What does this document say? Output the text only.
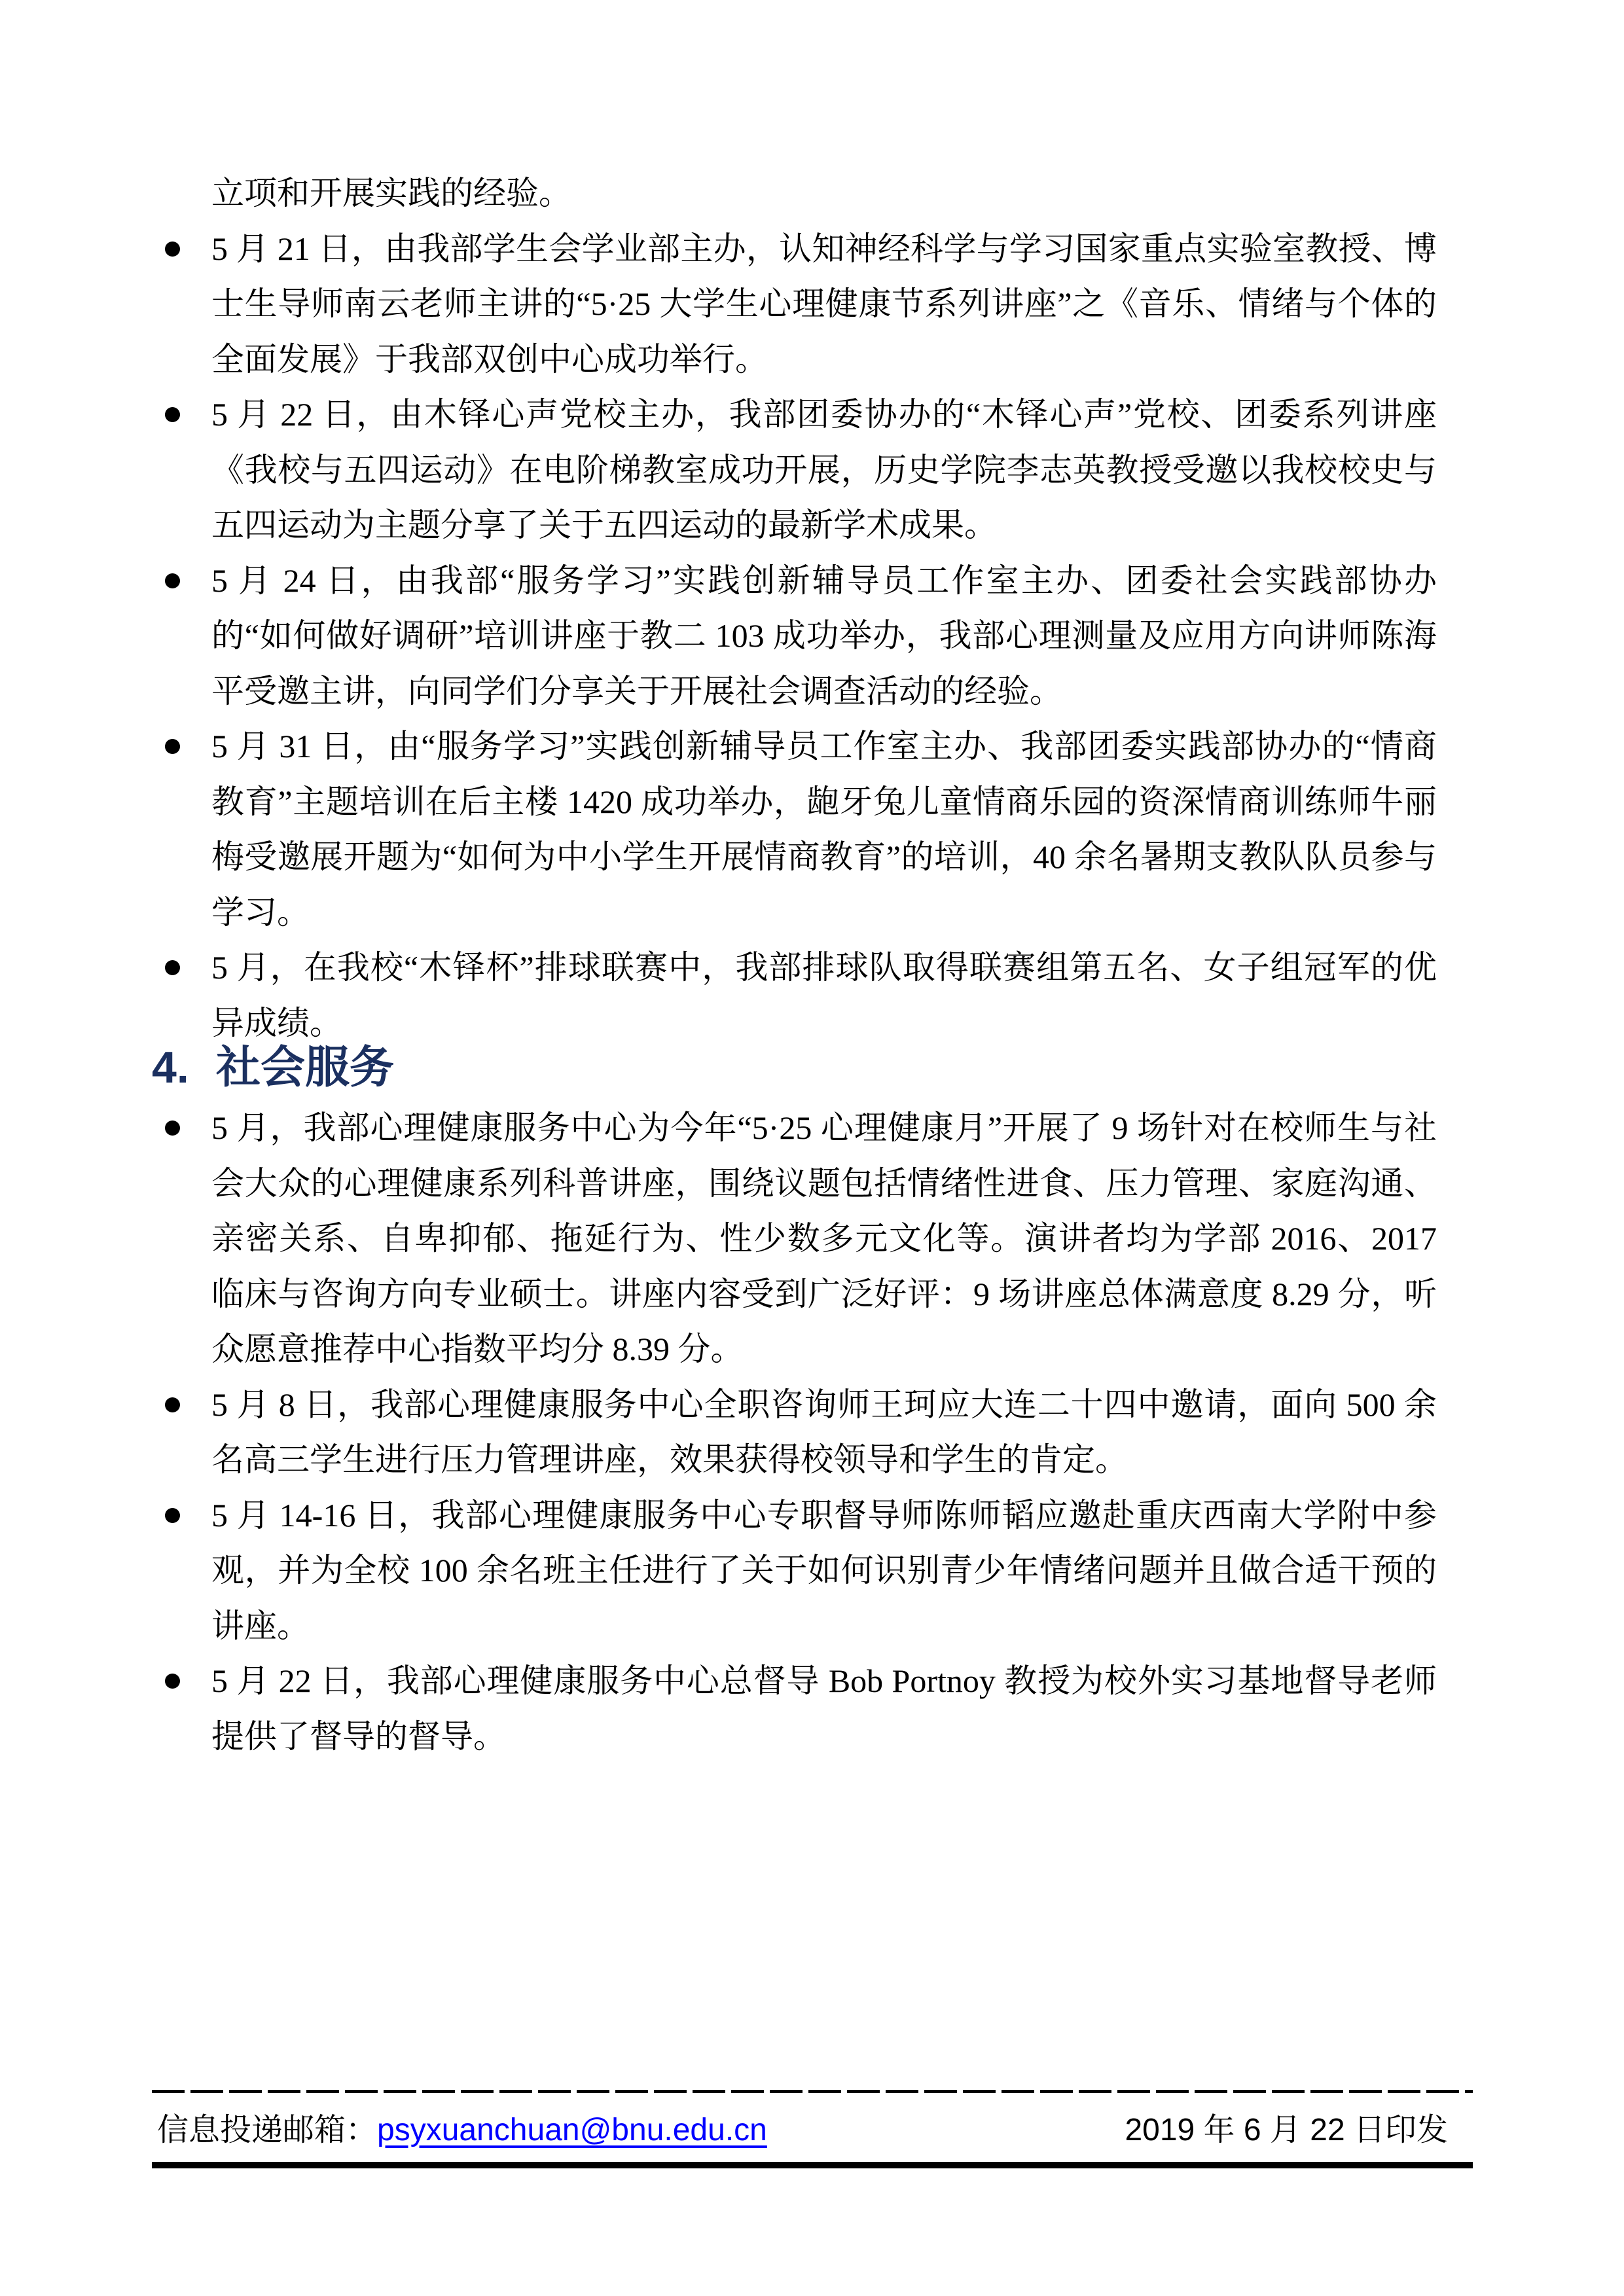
立项和开展实践的经验。

5 月 21 日，由我部学生会学业部主办，认知神经科学与学习国家重点实验室教授、博士生导师南云老师主讲的“5·25 大学生心理健康节系列讲座”之《音乐、情绪与个体的全面发展》于我部双创中心成功举行。
5 月 22 日，由木铎心声党校主办，我部团委协办的“木铎心声”党校、团委系列讲座《我校与五四运动》在电阶梯教室成功开展，历史学院李志英教授受邀以我校校史与五四运动为主题分享了关于五四运动的最新学术成果。
5 月 24 日，由我部“服务学习”实践创新辅导员工作室主办、团委社会实践部协办的“如何做好调研”培训讲座于教二 103 成功举办，我部心理测量及应用方向讲师陈海平受邀主讲，向同学们分享关于开展社会调查活动的经验。
5 月 31 日，由“服务学习”实践创新辅导员工作室主办、我部团委实践部协办的“情商教育”主题培训在后主楼 1420 成功举办，龅牙兔儿童情商乐园的资深情商训练师牛丽梅受邀展开题为“如何为中小学生开展情商教育”的培训，40 余名暑期支教队队员参与学习。
5 月，在我校“木铎杯”排球联赛中，我部排球队取得联赛组第五名、女子组冠军的优异成绩。
4. 社会服务
5 月，我部心理健康服务中心为今年“5·25 心理健康月”开展了 9 场针对在校师生与社会大众的心理健康系列科普讲座，围绕议题包括情绪性进食、压力管理、家庭沟通、亲密关系、自卑抑郁、拖延行为、性少数多元文化等。演讲者均为学部 2016、2017 临床与咨询方向专业硕士。讲座内容受到广泛好评：9 场讲座总体满意度 8.29 分，听众愿意推荐中心指数平均分 8.39 分。
5 月 8 日，我部心理健康服务中心全职咨询师王珂应大连二十四中邀请，面向 500 余名高三学生进行压力管理讲座，效果获得校领导和学生的肯定。
5 月 14-16 日，我部心理健康服务中心专职督导师陈师韬应邀赴重庆西南大学附中参观，并为全校 100 余名班主任进行了关于如何识别青少年情绪问题并且做合适干预的讲座。
5 月 22 日，我部心理健康服务中心总督导 Bob Portnoy 教授为校外实习基地督导老师提供了督导的督导。
信息投递邮箱： psyxuanchuan@bnu.edu.cn	2019 年 6 月 22 日印发
